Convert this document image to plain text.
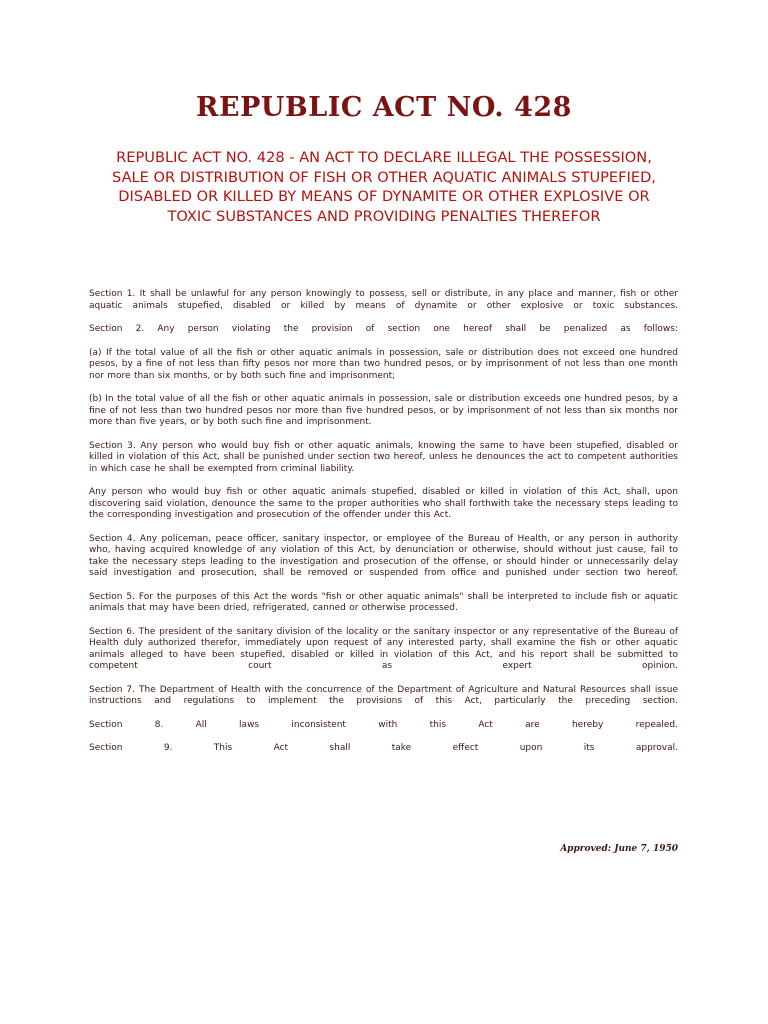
REPUBLIC ACT NO. 428

REPUBLIC ACT NO. 428 - AN ACT TO DECLARE ILLEGAL THE POSSESSION, SALE OR DISTRIBUTION OF FISH OR OTHER AQUATIC ANIMALS STUPEFIED, DISABLED OR KILLED BY MEANS OF DYNAMITE OR OTHER EXPLOSIVE OR TOXIC SUBSTANCES AND PROVIDING PENALTIES THEREFOR

Section 1. It shall be unlawful for any person knowingly to possess, sell or distribute, in any place and manner, fish or other aquatic animals stupefied, disabled or killed by means of dynamite or other explosive or toxic substances.

Section 2. Any person violating the provision of section one hereof shall be penalized as follows:

(a) If the total value of all the fish or other aquatic animals in possession, sale or distribution does not exceed one hundred pesos, by a fine of not less than fifty pesos nor more than two hundred pesos, or by imprisonment of not less than one month nor more than six months, or by both such fine and imprisonment;

(b) In the total value of all the fish or other aquatic animals in possession, sale or distribution exceeds one hundred pesos, by a fine of not less than two hundred pesos nor more than five hundred pesos, or by imprisonment of not less than six months nor more than five years, or by both such fine and imprisonment.

Section 3. Any person who would buy fish or other aquatic animals, knowing the same to have been stupefied, disabled or killed in violation of this Act, shall be punished under section two hereof, unless he denounces the act to competent authorities in which case he shall be exempted from criminal liability.

Any person who would buy fish or other aquatic animals stupefied, disabled or killed in violation of this Act, shall, upon discovering said violation, denounce the same to the proper authorities who shall forthwith take the necessary steps leading to the corresponding investigation and prosecution of the offender under this Act.

Section 4. Any policeman, peace officer, sanitary inspector, or employee of the Bureau of Health, or any person in authority who, having acquired knowledge of any violation of this Act, by denunciation or otherwise, should without just cause, fail to take the necessary steps leading to the investigation and prosecution of the offense, or should hinder or unnecessarily delay said investigation and prosecution, shall be removed or suspended from office and punished under section two hereof.

Section 5. For the purposes of this Act the words "fish or other aquatic animals" shall be interpreted to include fish or aquatic animals that may have been dried, refrigerated, canned or otherwise processed.

Section 6. The president of the sanitary division of the locality or the sanitary inspector or any representative of the Bureau of Health duly authorized therefor, immediately upon request of any interested party, shall examine the fish or other aquatic animals alleged to have been stupefied, disabled or killed in violation of this Act, and his report shall be submitted to competent court as expert opinion.

Section 7. The Department of Health with the concurrence of the Department of Agriculture and Natural Resources shall issue instructions and regulations to implement the provisions of this Act, particularly the preceding section.

Section 8. All laws inconsistent with this Act are hereby repealed.

Section 9. This Act shall take effect upon its approval.

Approved: June 7, 1950
